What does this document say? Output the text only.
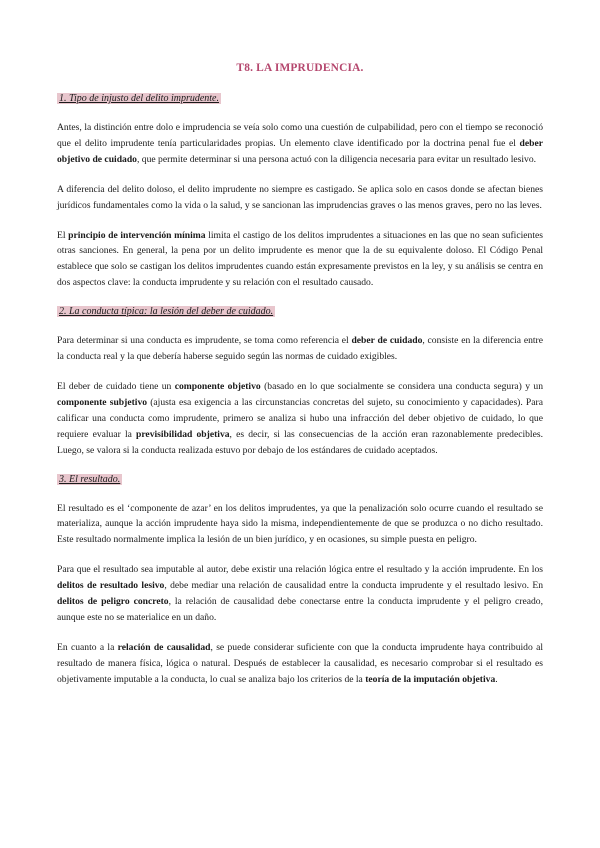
T8. LA IMPRUDENCIA.

1. Tipo de injusto del delito imprudente.

Antes, la distinción entre dolo e imprudencia se veía solo como una cuestión de culpabilidad, pero con el tiempo se reconoció que el delito imprudente tenía particularidades propias. Un elemento clave identificado por la doctrina penal fue el deber objetivo de cuidado, que permite determinar si una persona actuó con la diligencia necesaria para evitar un resultado lesivo.

A diferencia del delito doloso, el delito imprudente no siempre es castigado. Se aplica solo en casos donde se afectan bienes jurídicos fundamentales como la vida o la salud, y se sancionan las imprudencias graves o las menos graves, pero no las leves.

El principio de intervención mínima limita el castigo de los delitos imprudentes a situaciones en las que no sean suficientes otras sanciones. En general, la pena por un delito imprudente es menor que la de su equivalente doloso. El Código Penal establece que solo se castigan los delitos imprudentes cuando están expresamente previstos en la ley, y su análisis se centra en dos aspectos clave: la conducta imprudente y su relación con el resultado causado.

2. La conducta típica: la lesión del deber de cuidado.

Para determinar si una conducta es imprudente, se toma como referencia el deber de cuidado, consiste en la diferencia entre la conducta real y la que debería haberse seguido según las normas de cuidado exigibles.

El deber de cuidado tiene un componente objetivo (basado en lo que socialmente se considera una conducta segura) y un componente subjetivo (ajusta esa exigencia a las circunstancias concretas del sujeto, su conocimiento y capacidades). Para calificar una conducta como imprudente, primero se analiza si hubo una infracción del deber objetivo de cuidado, lo que requiere evaluar la previsibilidad objetiva, es decir, si las consecuencias de la acción eran razonablemente predecibles. Luego, se valora si la conducta realizada estuvo por debajo de los estándares de cuidado aceptados.

3. El resultado.

El resultado es el ‘componente de azar’ en los delitos imprudentes, ya que la penalización solo ocurre cuando el resultado se materializa, aunque la acción imprudente haya sido la misma, independientemente de que se produzca o no dicho resultado. Este resultado normalmente implica la lesión de un bien jurídico, y en ocasiones, su simple puesta en peligro.

Para que el resultado sea imputable al autor, debe existir una relación lógica entre el resultado y la acción imprudente. En los delitos de resultado lesivo, debe mediar una relación de causalidad entre la conducta imprudente y el resultado lesivo. En delitos de peligro concreto, la relación de causalidad debe conectarse entre la conducta imprudente y el peligro creado, aunque este no se materialice en un daño.

En cuanto a la relación de causalidad, se puede considerar suficiente con que la conducta imprudente haya contribuido al resultado de manera física, lógica o natural. Después de establecer la causalidad, es necesario comprobar si el resultado es objetivamente imputable a la conducta, lo cual se analiza bajo los criterios de la teoría de la imputación objetiva.
